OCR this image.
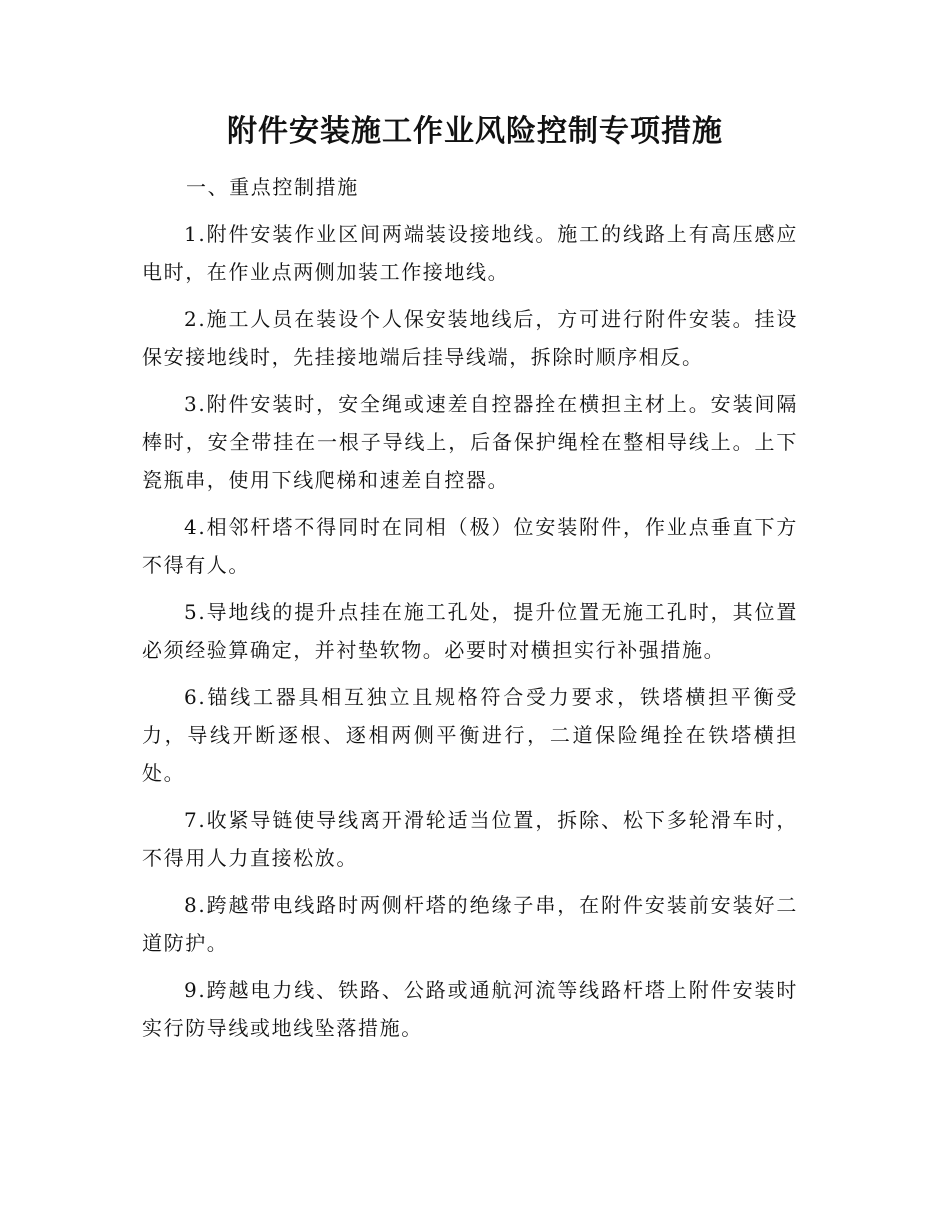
附件安装施工作业风险控制专项措施

一、重点控制措施

1.附件安装作业区间两端装设接地线。施工的线路上有高压感应电时，在作业点两侧加装工作接地线。

2.施工人员在装设个人保安装地线后，方可进行附件安装。挂设保安接地线时，先挂接地端后挂导线端，拆除时顺序相反。

3.附件安装时，安全绳或速差自控器拴在横担主材上。安装间隔棒时，安全带挂在一根子导线上，后备保护绳栓在整相导线上。上下瓷瓶串，使用下线爬梯和速差自控器。

4.相邻杆塔不得同时在同相（极）位安装附件，作业点垂直下方不得有人。

5.导地线的提升点挂在施工孔处，提升位置无施工孔时，其位置必须经验算确定，并衬垫软物。必要时对横担实行补强措施。

6.锚线工器具相互独立且规格符合受力要求，铁塔横担平衡受力，导线开断逐根、逐相两侧平衡进行，二道保险绳拴在铁塔横担处。

7.收紧导链使导线离开滑轮适当位置，拆除、松下多轮滑车时，不得用人力直接松放。

8.跨越带电线路时两侧杆塔的绝缘子串，在附件安装前安装好二道防护。

9.跨越电力线、铁路、公路或通航河流等线路杆塔上附件安装时实行防导线或地线坠落措施。
